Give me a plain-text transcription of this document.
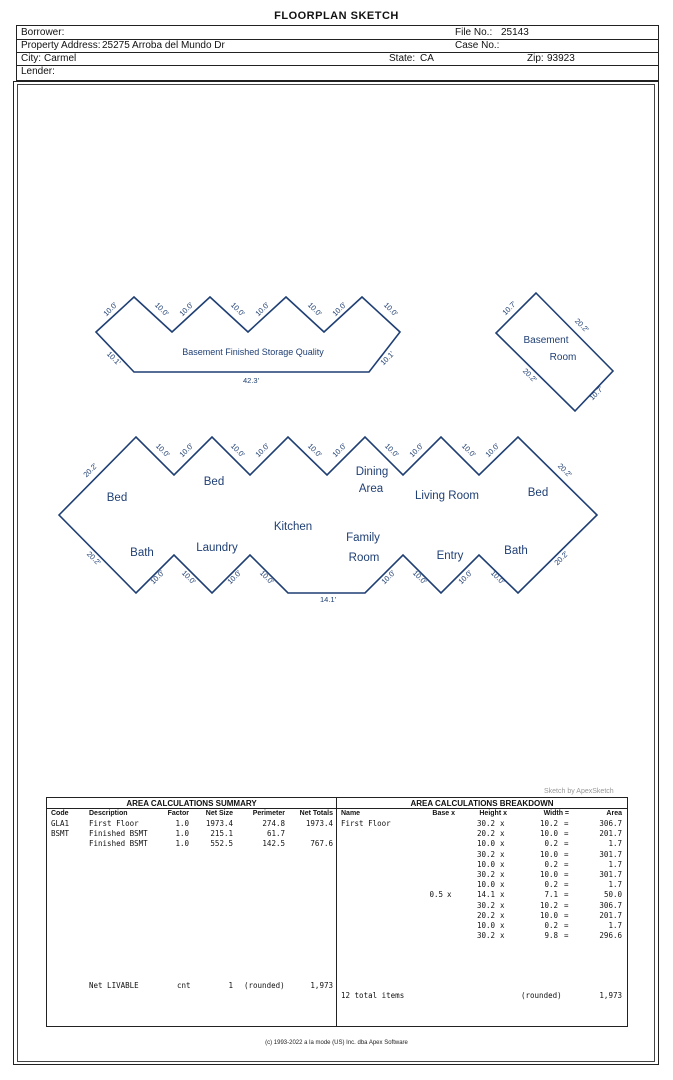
FLOORPLAN SKETCH
Borrower:	File No.: 25143
Property Address: 25275 Arroba del Mundo Dr	Case No.:
City: Carmel	State: CA	Zip: 93923
Lender:
10.0'	10.0' 10.0'	10.0' 10.0'	10.0' 10.0'	10.0'
10.1'	10.1'
42.3'
Basement Finished Storage Quality
10.7'
20.2'
20.2'
10.7'
Basement
Room
20.2'
10.0' 10.0'	10.0' 10.0'	10.0' 10.0'	10.0' 10.0'	10.0' 10.0'
20.2'
20.2'
10.0' 10.0'	10.0' 10.0'
14.1'
10.0' 10.0'	10.0' 10.0'
20.2'
Bed
Bed
Dining
Area
Living Room	Bed
Kitchen
Family
Room
Bath	Laundry
Entry	Bath
Sketch by ApexSketch
AREA CALCULATIONS SUMMARY	AREA CALCULATIONS BREAKDOWN
Code	Description	Factor	Net Size	Perimeter	Net Totals
GLA1	First Floor	1.0	1973.4	274.8	1973.4
BSMT	Finished BSMT	1.0	215.1	61.7
Finished BSMT	1.0	552.5	142.5	767.6
Net LIVABLE	cnt	1 (rounded)	1,973
Name	Base x	Height x	Width =	Area
First Floor	30.2 x	10.2 =	306.7
20.2 x	10.0 =	201.7
10.0 x	0.2 =	1.7
30.2 x	10.0 =	301.7
10.0 x	0.2 =	1.7
30.2 x	10.0 =	301.7
10.0 x	0.2 =	1.7
0.5 x	14.1 x	7.1 =	50.0
30.2 x	10.2 =	306.7
20.2 x	10.0 =	201.7
10.0 x	0.2 =	1.7
30.2 x	9.8 =	296.6
12 total items	(rounded)	1,973
(c) 1993-2022 a la mode (US) Inc. dba Apex Software
